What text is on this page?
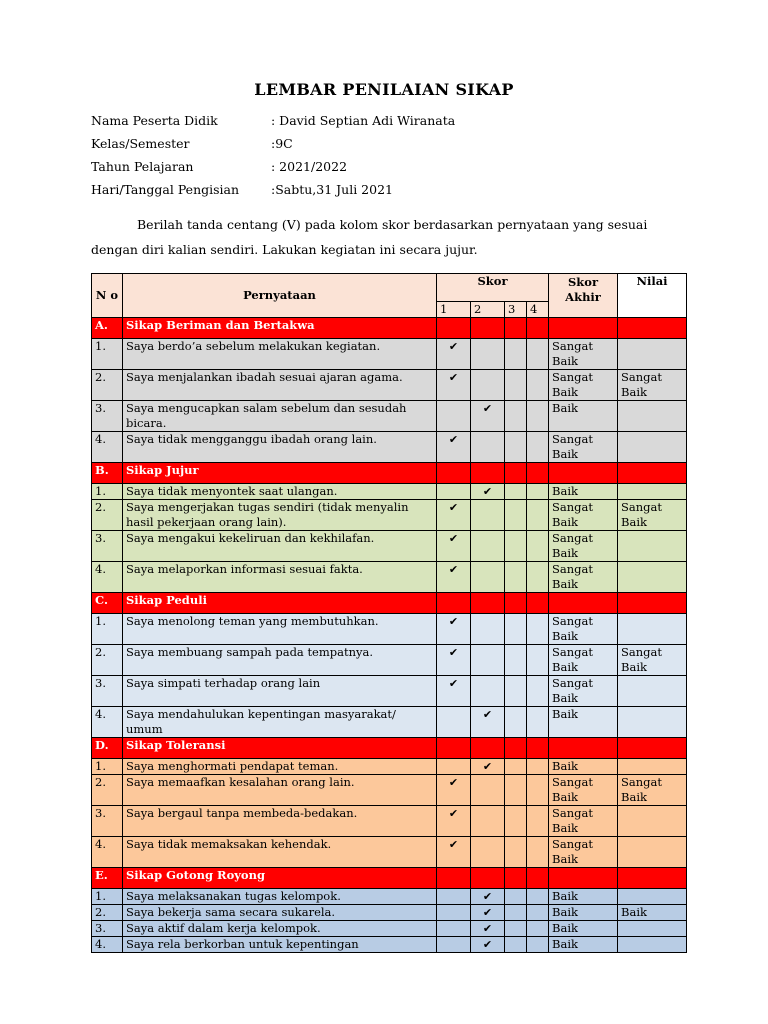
LEMBAR PENILAIAN SIKAP
Nama Peserta Didik	: David Septian Adi Wiranata
Kelas/Semester	:9C
Tahun Pelajaran	: 2021/2022
Hari/Tanggal Pengisian	:Sabtu,31 Juli 2021
Berilah tanda centang (V) pada kolom skor berdasarkan pernyataan yang sesuai dengan diri kalian sendiri. Lakukan kegiatan ini secara jujur.
N o	Pernyataan	Skor				Skor Akhir	Nilai
		1	2	3	4		
A.	Sikap Beriman dan Bertakwa						
1.	Saya berdo’a sebelum melakukan kegiatan.	✔				Sangat Baik	
2.	Saya menjalankan ibadah sesuai ajaran agama.	✔				Sangat Baik	Sangat Baik
3.	Saya mengucapkan salam sebelum dan sesudah bicara.		✔			Baik	
4.	Saya tidak mengganggu ibadah orang lain.	✔				Sangat Baik	
B.	Sikap Jujur						
1.	Saya tidak menyontek saat ulangan.		✔			Baik	
2.	Saya mengerjakan tugas sendiri (tidak menyalin hasil pekerjaan orang lain).	✔				Sangat Baik	Sangat Baik
3.	Saya mengakui kekeliruan dan kekhilafan.	✔				Sangat Baik	
4.	Saya melaporkan informasi sesuai fakta.	✔				Sangat Baik	
C.	Sikap Peduli						
1.	Saya menolong teman yang membutuhkan.	✔				Sangat Baik	
2.	Saya membuang sampah pada tempatnya.	✔				Sangat Baik	Sangat Baik
3.	Saya simpati terhadap orang lain	✔				Sangat Baik	
4.	Saya mendahulukan kepentingan masyarakat/ umum		✔			Baik	
D.	Sikap Toleransi						
1.	Saya menghormati pendapat teman.		✔			Baik	
2.	Saya memaafkan kesalahan orang lain.	✔				Sangat Baik	Sangat Baik
3.	Saya bergaul tanpa membeda-bedakan.	✔				Sangat Baik	
4.	Saya tidak memaksakan kehendak.	✔				Sangat Baik	
E.	Sikap Gotong Royong						
1.	Saya melaksanakan tugas kelompok.		✔			Baik	
2.	Saya bekerja sama secara sukarela.		✔			Baik	Baik
3.	Saya aktif dalam kerja kelompok.		✔			Baik	
4.	Saya rela berkorban untuk kepentingan		✔			Baik	
